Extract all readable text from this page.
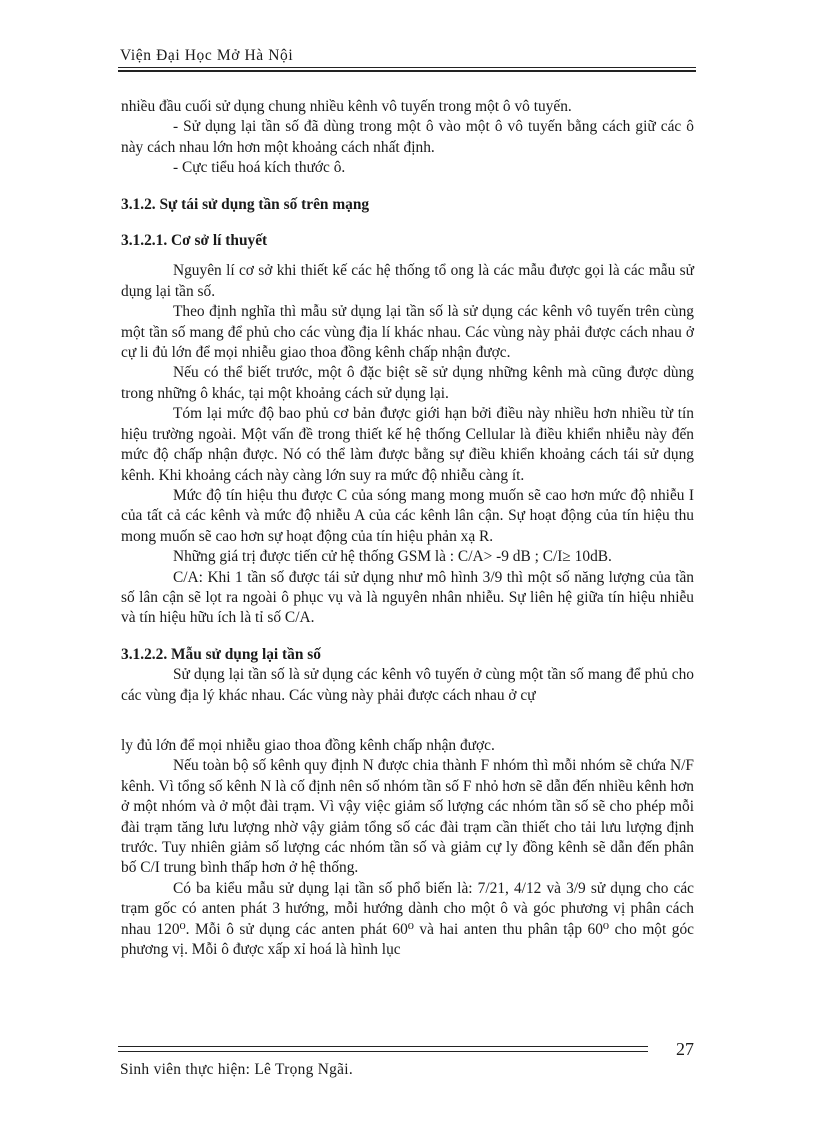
Viện Đại Học Mở Hà Nội

nhiều đầu cuối sử dụng chung nhiều kênh vô tuyến trong một ô vô tuyến.

- Sử dụng lại tần số đã dùng trong một ô vào một ô vô tuyến bằng cách giữ các ô này cách nhau lớn hơn một khoảng cách nhất định.

- Cực tiểu hoá kích thước ô.

3.1.2. Sự tái sử dụng tần số trên mạng

3.1.2.1. Cơ sở lí thuyết

Nguyên lí cơ sở khi thiết kế các hệ thống tổ ong là các mẫu được gọi là các mẫu sử dụng lại tần số.

Theo định nghĩa thì mẫu sử dụng lại tần số là sử dụng các kênh vô tuyến trên cùng một tần số mang để phủ cho các vùng địa lí khác nhau. Các vùng này phải được cách nhau ở cự li đủ lớn để mọi nhiễu giao thoa đồng kênh chấp nhận được.

Nếu có thể biết trước, một ô đặc biệt sẽ sử dụng những kênh mà cũng được dùng trong những ô khác, tại một khoảng cách sử dụng lại.

Tóm lại mức độ bao phủ cơ bản được giới hạn bởi điều này nhiều hơn nhiều từ tín hiệu trường ngoài. Một vấn đề trong thiết kế hệ thống Cellular là điều khiển nhiễu này đến mức độ chấp nhận được. Nó có thể làm được bằng sự điều khiển khoảng cách tái sử dụng kênh. Khi khoảng cách này càng lớn suy ra mức độ nhiễu càng ít.

Mức độ tín hiệu thu được C của sóng mang mong muốn sẽ cao hơn mức độ nhiễu I của tất cả các kênh và mức độ nhiễu A của các kênh lân cận. Sự hoạt động của tín hiệu thu mong muốn sẽ cao hơn sự hoạt động của tín hiệu phản xạ R.

Những giá trị được tiến cử hệ thống GSM là : C/A> -9 dB ; C/I≥ 10dB.

C/A: Khi 1 tần số được tái sử dụng như mô hình 3/9 thì một số năng lượng của tần số lân cận sẽ lọt ra ngoài ô phục vụ và là nguyên nhân nhiễu. Sự liên hệ giữa tín hiệu nhiễu và tín hiệu hữu ích là tỉ số C/A.

3.1.2.2. Mẫu sử dụng lại tần số

Sử dụng lại tần số là sử dụng các kênh vô tuyến ở cùng một tần số mang để phủ cho các vùng địa lý khác nhau. Các vùng này phải được cách nhau ở cự

ly đủ lớn để mọi nhiễu giao thoa đồng kênh chấp nhận được.

Nếu toàn bộ số kênh quy định N được chia thành F nhóm thì mỗi nhóm sẽ chứa N/F kênh. Vì tổng số kênh N là cố định nên số nhóm tần số F nhỏ hơn sẽ dẫn đến nhiều kênh hơn ở một nhóm và ở một đài trạm. Vì vậy việc giảm số lượng các nhóm tần số sẽ cho phép mỗi đài trạm tăng lưu lượng nhờ vậy giảm tổng số các đài trạm cần thiết cho tải lưu lượng định trước. Tuy nhiên giảm số lượng các nhóm tần số và giảm cự ly đồng kênh sẽ dẫn đến phân bố C/I trung bình thấp hơn ở hệ thống.

Có ba kiểu mẫu sử dụng lại tần số phổ biến là: 7/21, 4/12 và 3/9 sử dụng cho các trạm gốc có anten phát 3 hướng, mỗi hướng dành cho một ô và góc phương vị phân cách nhau 120⁰. Mỗi ô sử dụng các anten phát 60⁰ và hai anten thu phân tập 60⁰ cho một góc phương vị. Mỗi ô được xấp xỉ hoá là hình lục

27
Sinh viên thực hiện: Lê Trọng Ngãi.
